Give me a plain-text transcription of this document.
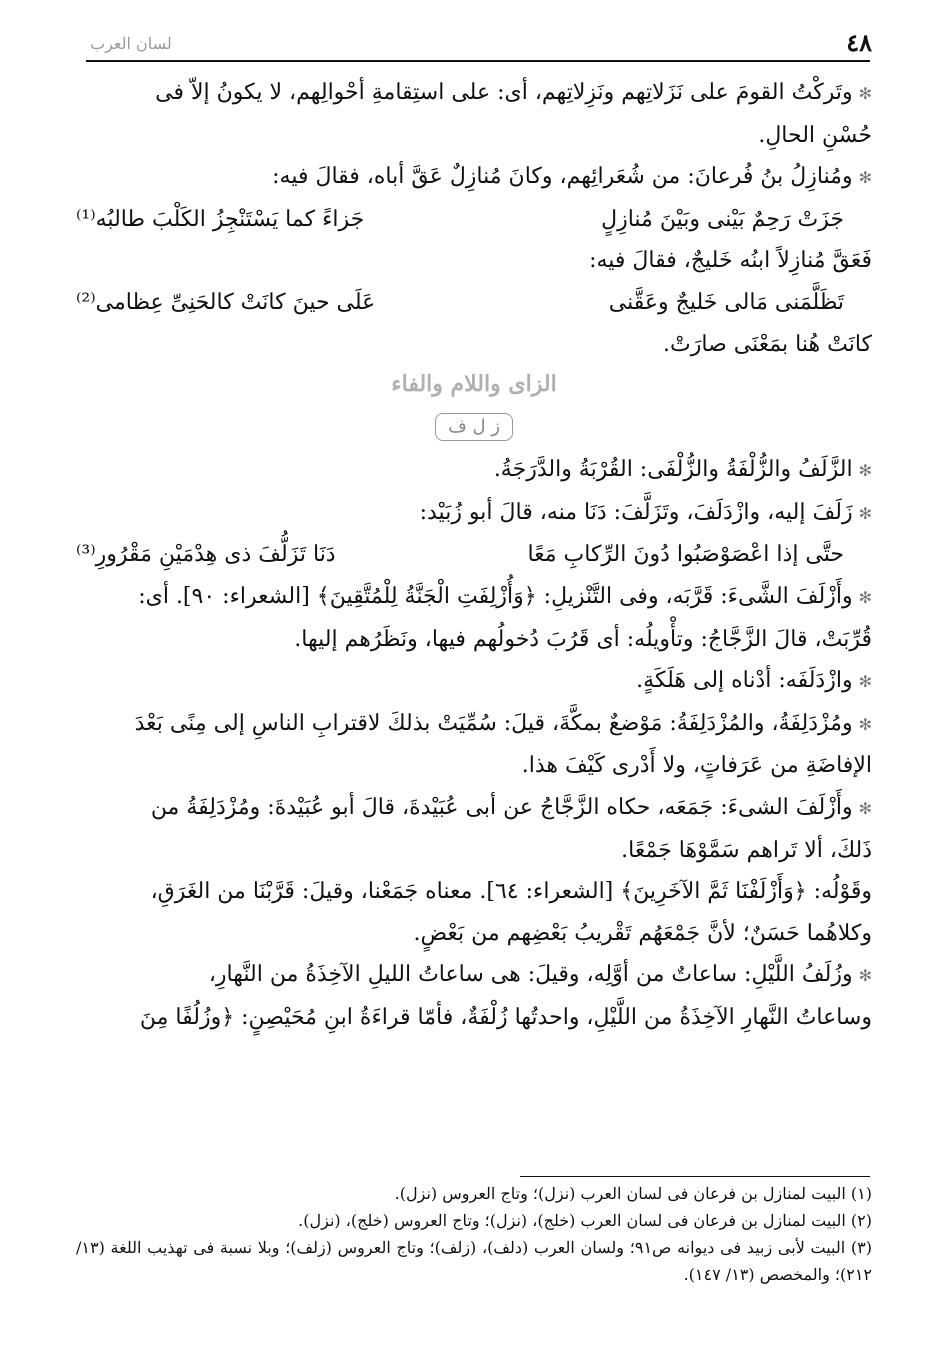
٤٨
لسان العرب

✻وتَركْتُ القومَ على نَزَلاتِهم ونَزِلاتِهم، أى: على استِقامةِ أحْوالِهم، لا يكونُ إلاّ فى

حُسْنِ الحالِ.

✻ومُنازِلُ بنُ فُرعانَ: من شُعَرائِهم، وكانَ مُنازِلٌ عَقَّ أباه، فقالَ فيه:

جَزَتْ رَحِمٌ بَيْنى وبَيْنَ مُنازِلٍ
جَزاءً كما يَسْتَنْجِزُ الكَلْبَ طالبُه⁽¹⁾

فَعَقَّ مُنازِلاً ابنُه خَليجٌ، فقالَ فيه:

تَظَلَّمَنى مَالى خَليجٌ وعَقَّنى
عَلَى حينَ كانَتْ كالحَنِىِّ عِظامى⁽²⁾

كانَتْ هُنا بمَعْنَى صارَتْ.

الزاى واللام والفاء
ز ل ف

✻الزَّلَفُ والزُّلْفَةُ والزُّلْفَى: القُرْبَةُ والدَّرَجَةُ.

✻زَلَفَ إليه، وازْدَلَفَ، وتَزَلَّفَ: دَنَا منه، قالَ أبو زُبَيْد:

حتَّى إذا اعْصَوْصَبُوا دُونَ الرِّكابِ مَعًا
دَنَا تَزَلُّفَ ذى هِدْمَيْنِ مَقْرُورِ⁽³⁾

✻وأَزْلَفَ الشَّىءَ: قَرَّبَه، وفى التَّنْزيلِ: ﴿وَأُزْلِفَتِ الْجَنَّةُ لِلْمُتَّقِينَ﴾ [الشعراء: ٩٠]. أى:

قُرِّبَتْ، قالَ الزَّجَّاجُ: وتأْويلُه: أى قَرُبَ دُخولُهم فيها، ونَظَرُهم إليها.

✻وازْدَلَفَه: أدْناه إلى هَلَكَةٍ.

✻ومُزْدَلِفَةُ، والمُزْدَلِفَةُ: مَوْضعٌ بمكَّةَ، قيلَ: سُمِّيَتْ بذلكَ لاقترابِ الناسِ إلى مِنًى بَعْدَ

الإفاضَةِ من عَرَفاتٍ، ولا أَدْرى كَيْفَ هذا.

✻وأَزْلَفَ الشىءَ: جَمَعَه، حكاه الزَّجَّاجُ عن أبى عُبَيْدةَ، قالَ أبو عُبَيْدةَ: ومُزْدَلِفَةُ من

ذَلكَ، ألا تَراهم سَمَّوْهَا جَمْعًا.

وقَوْلُه: ﴿وَأَزْلَفْنَا ثَمَّ الآخَرِينَ﴾ [الشعراء: ٦٤]. معناه جَمَعْنا، وقيلَ: قَرَّبْنَا من الغَرَقِ،

وكلاهُما حَسَنٌ؛ لأنَّ جَمْعَهُم تَقْريبُ بَعْضِهم من بَعْضٍ.

✻وزُلَفُ اللَّيْلِ: ساعاتٌ من أوَّلِه، وقيلَ: هى ساعاتُ الليلِ الآخِذَةُ من النَّهارِ،

وساعاتُ النَّهارِ الآخِذَةُ من اللَّيْلِ، واحدتُها زُلْفَةٌ، فأمّا قراءَةُ ابنِ مُحَيْصِنٍ: ﴿وزُلُفًا مِنَ

(١) البيت لمنازل بن فرعان فى لسان العرب (نزل)؛ وتاج العروس (نزل).

(٢) البيت لمنازل بن فرعان فى لسان العرب (خلج)، (نزل)؛ وتاج العروس (خلج)، (نزل).

(٣) البيت لأبى زبيد فى ديوانه ص٩١؛ ولسان العرب (دلف)، (زلف)؛ وتاج العروس (زلف)؛ وبلا نسبة فى تهذيب اللغة (١٣/ ٢١٢)؛ والمخصص (١٣/ ١٤٧).
